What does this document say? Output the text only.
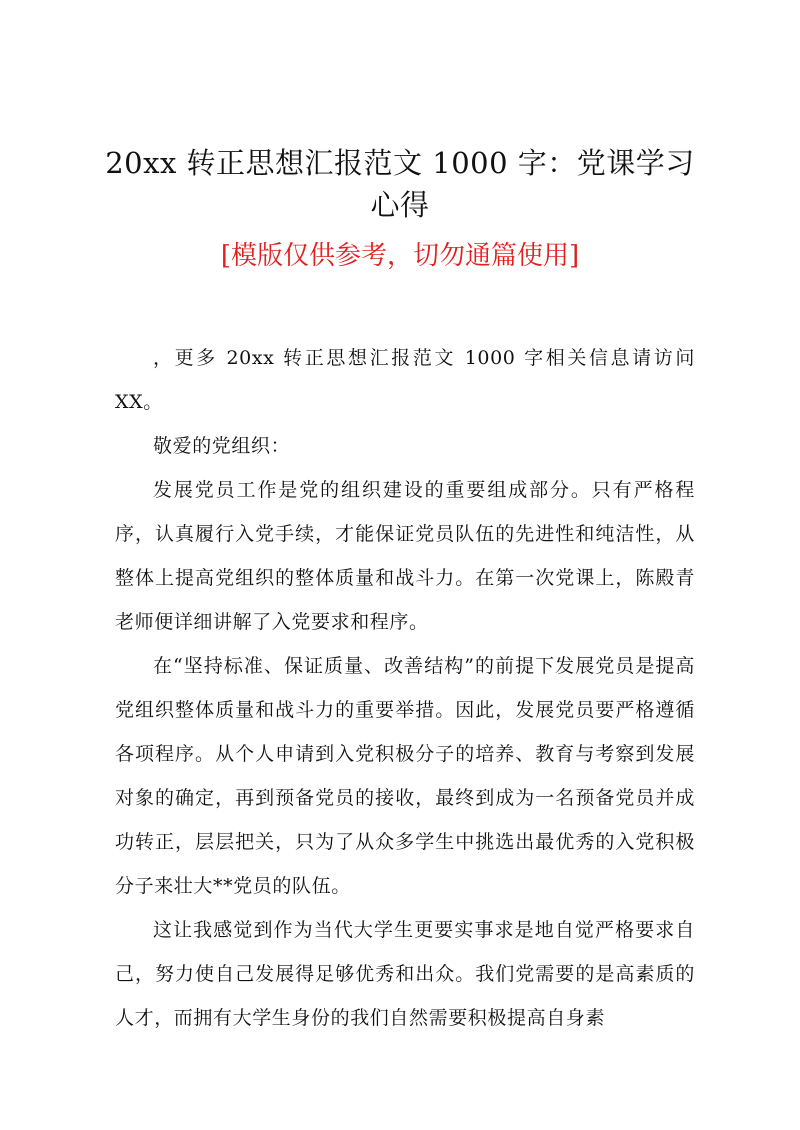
20xx 转正思想汇报范文 1000 字：党课学习心得
[模版仅供参考，切勿通篇使用]

，更多 20xx 转正思想汇报范文 1000 字相关信息请访问 XX。

敬爱的党组织：

发展党员工作是党的组织建设的重要组成部分。只有严格程序，认真履行入党手续，才能保证党员队伍的先进性和纯洁性，从整体上提高党组织的整体质量和战斗力。在第一次党课上，陈殿青老师便详细讲解了入党要求和程序。

在“坚持标准、保证质量、改善结构”的前提下发展党员是提高党组织整体质量和战斗力的重要举措。因此，发展党员要严格遵循各项程序。从个人申请到入党积极分子的培养、教育与考察到发展对象的确定，再到预备党员的接收，最终到成为一名预备党员并成功转正，层层把关，只为了从众多学生中挑选出最优秀的入党积极分子来壮大**党员的队伍。

这让我感觉到作为当代大学生更要实事求是地自觉严格要求自己，努力使自己发展得足够优秀和出众。我们党需要的是高素质的人才，而拥有大学生身份的我们自然需要积极提高自身素
